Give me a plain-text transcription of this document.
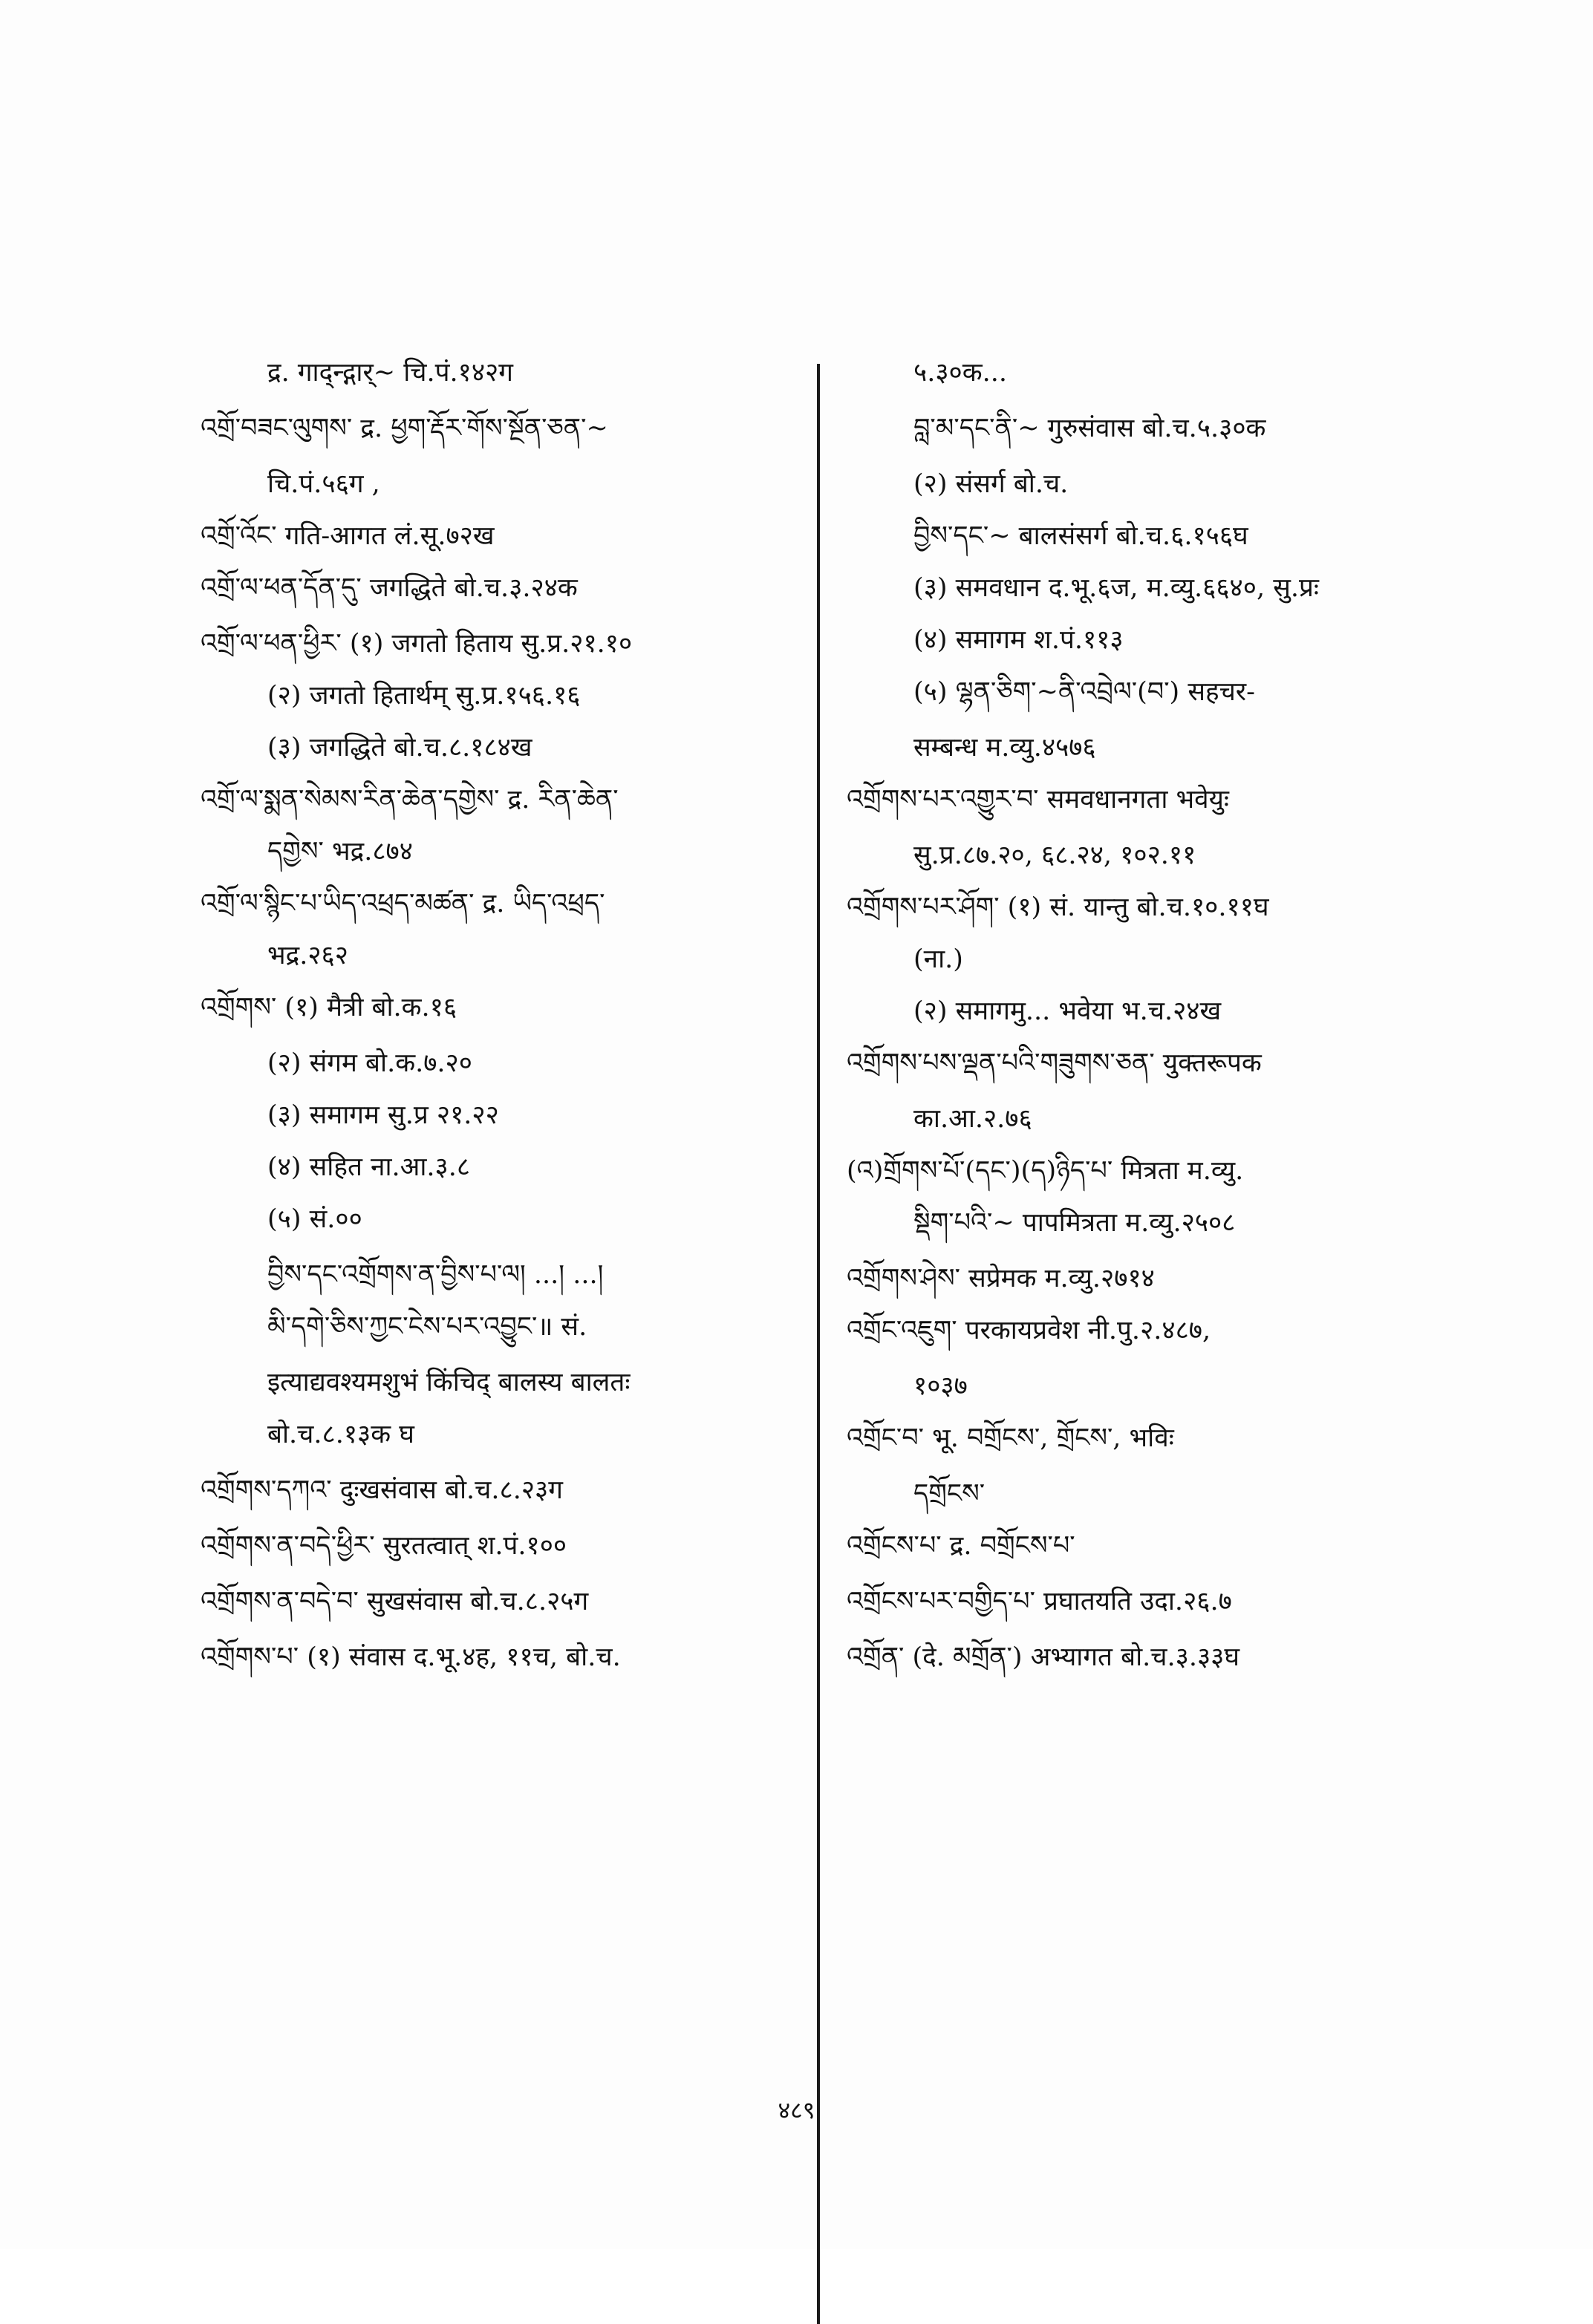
द्र. गाद्न्द्गार्~ चि.पं.१४२ग
འགྲོ་བཟང་ལུགས་ द्र. ཕྱག་རྡོར་གོས་སྔོན་ཅན་~
चि.पं.५६ग ,
འགྲོ་འོང་ गति-आगत लं.सू.७२ख
འགྲོ་ལ་ཕན་དོན་དུ་ जगद्धिते बो.च.३.२४क
འགྲོ་ལ་ཕན་ཕྱིར་ (१) जगतो हिताय सु.प्र.२१.१०
(२) जगतो हितार्थम् सु.प्र.१५६.१६
(३) जगद्धिते बो.च.८.१८४ख
འགྲོ་ལ་སྨན་སེམས་རིན་ཆེན་དགྱེས་ द्र. རིན་ཆེན་
དགྱེས་ भद्र.८७४
འགྲོ་ལ་སྙིང་པ་ཡིད་འཕྲད་མཚན་ द्र. ཡིད་འཕྲད་
भद्र.२६२
འགྲོགས་ (१) मैत्री बो.क.१६
(२) संगम बो.क.७.२०
(३) समागम सु.प्र २१.२२
(४) सहित ना.आ.३.८
(५) सं.००
བྱིས་དང་འགྲོགས་ན་བྱིས་པ་ལ། ...། ...།
མི་དགེ་ཅིས་ཀྱང་ངེས་པར་འབྱུང་॥ सं.
इत्याद्यवश्यमशुभं किंचिद् बालस्य बालतः
बो.च.८.१३क घ
འགྲོགས་དཀའ་ दुःखसंवास बो.च.८.२३ग
འགྲོགས་ན་བདེ་ཕྱིར་ सुरतत्वात् श.पं.१००
འགྲོགས་ན་བདེ་བ་ सुखसंवास बो.च.८.२५ग
འགྲོགས་པ་ (१) संवास द.भू.४ह, ११च, बो.च.
५.३०क...
བླ་མ་དང་ནི་~ गुरुसंवास बो.च.५.३०क
(२) संसर्ग बो.च.
བྱིས་དང་~ बालसंसर्ग बो.च.६.१५६घ
(३) समवधान द.भू.६ज, म.व्यु.६६४०, सु.प्रः
(४) समागम श.पं.११३
(५) ལྷན་ཅིག་~ནི་འབྲེལ་(བ་) सहचर-
सम्बन्ध म.व्यु.४५७६
འགྲོགས་པར་འགྱུར་བ་ समवधानगता भवेयुः
सु.प्र.८७.२०, ६८.२४, १०२.११
འགྲོགས་པར་ཤོག་ (१) सं. यान्तु बो.च.१०.११घ
(ना.)
(२) समागमु... भवेया भ.च.२४ख
འགྲོགས་པས་ལྡན་པའི་གཟུགས་ཅན་ युक्तरूपक
का.आ.२.७६
(འ)གྲོགས་པོ་(དང་)(ད)ཉིད་པ་ मित्रता म.व्यु.
སྡིག་པའི་~ पापमित्रता म.व्यु.२५०८
འགྲོགས་ཤེས་ सप्रेमक म.व्यु.२७१४
འགྲོང་འཇུག་ परकायप्रवेश नी.पु.२.४८७,
१०३७
འགྲོང་བ་ भू. བགྲོངས་, གྲོངས་, भविः
དགྲོངས་
འགྲོངས་པ་ द्र. བགྲོངས་པ་
འགྲོངས་པར་བགྱིད་པ་ प्रघातयति उदा.२६.७
འགྲོན་ (दे. མགྲོན་) अभ्यागत बो.च.३.३३घ
४८९
